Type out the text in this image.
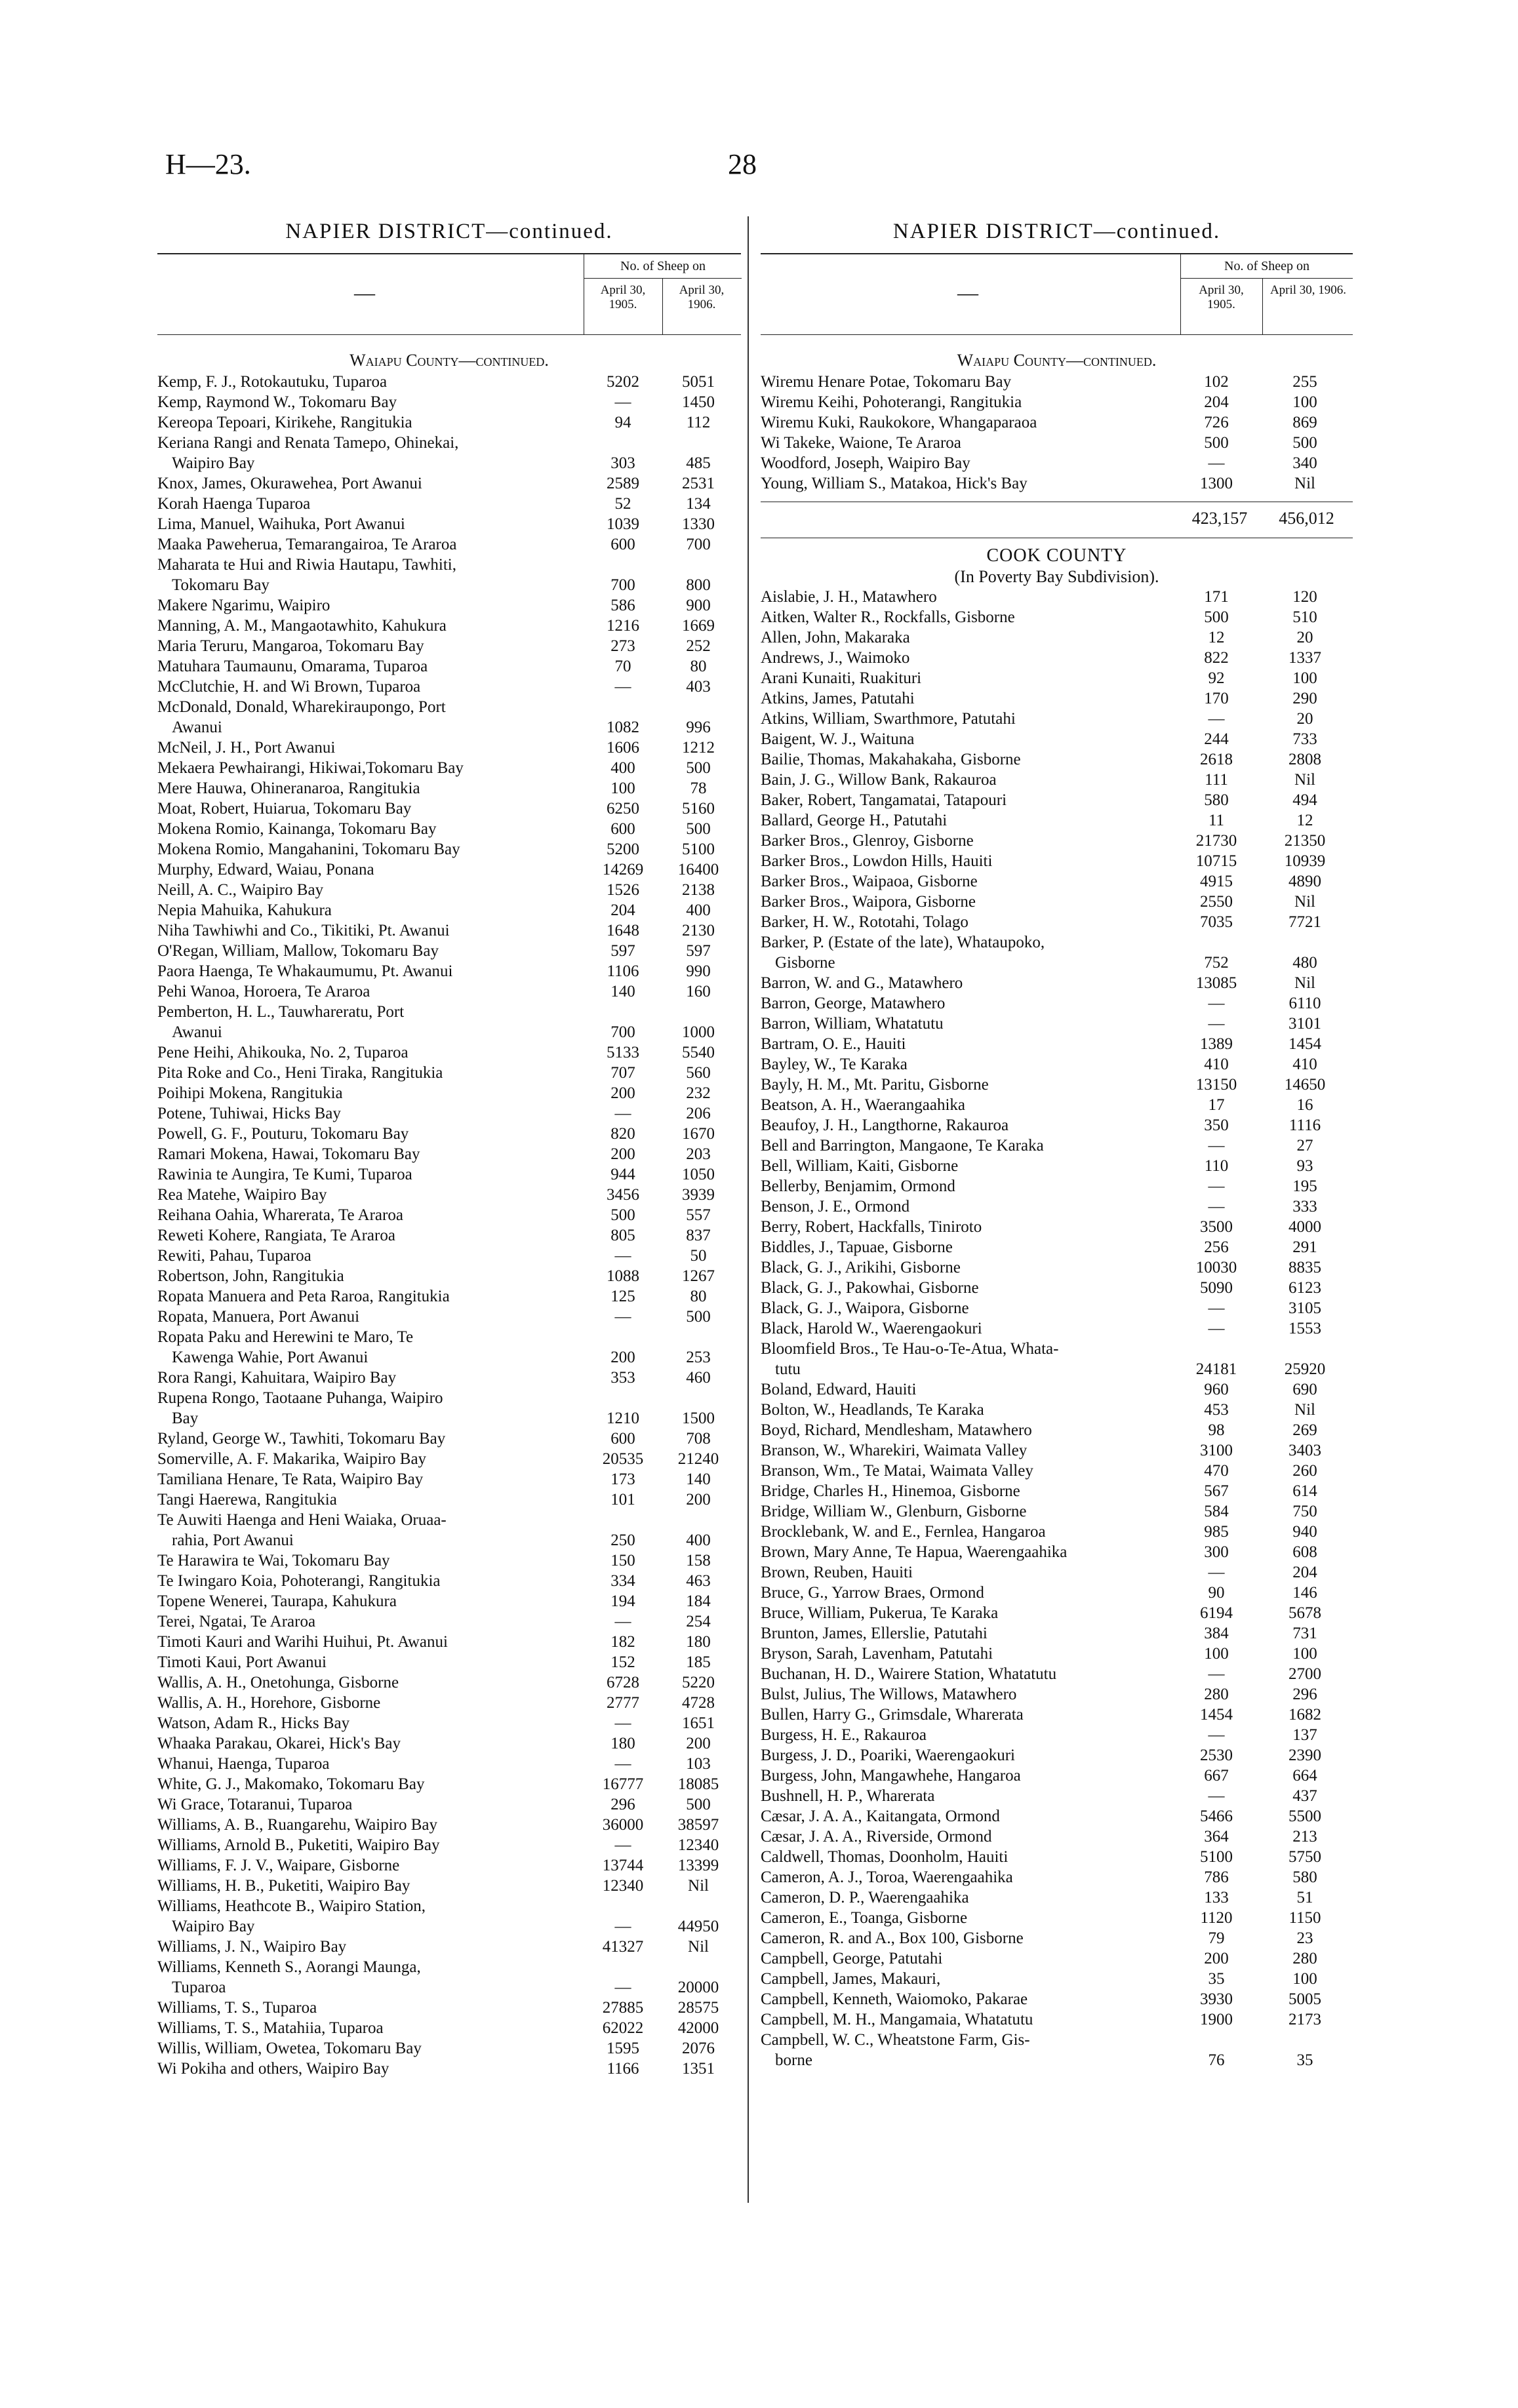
H—23.	28
NAPIER DISTRICT—continued.
—
No. of Sheep on
April 30, 1905.
April 30, 1906.
Waiapu County—continued.
Kemp, F. J., Rotokautuku, Tuparoa	5202	5051
Kemp, Raymond W., Tokomaru Bay	—	1450
Kereopa Tepoari, Kirikehe, Rangitukia	94	112
Keriana Rangi and Renata Tamepo, Ohinekai,
Waipiro Bay	303	485
Knox, James, Okurawehea, Port Awanui	2589	2531
Korah Haenga Tuparoa	52	134
Lima, Manuel, Waihuka, Port Awanui	1039	1330
Maaka Paweherua, Temarangairoa, Te Araroa	600	700
Maharata te Hui and Riwia Hautapu, Tawhiti,
Tokomaru Bay	700	800
Makere Ngarimu, Waipiro	586	900
Manning, A. M., Mangaotawhito, Kahukura	1216	1669
Maria Teruru, Mangaroa, Tokomaru Bay	273	252
Matuhara Taumaunu, Omarama, Tuparoa	70	80
McClutchie, H. and Wi Brown, Tuparoa	—	403
McDonald, Donald, Wharekiraupongo, Port
Awanui	1082	996
McNeil, J. H., Port Awanui	1606	1212
Mekaera Pewhairangi, Hikiwai,Tokomaru Bay	400	500
Mere Hauwa, Ohineranaroa, Rangitukia	100	78
Moat, Robert, Huiarua, Tokomaru Bay	6250	5160
Mokena Romio, Kainanga, Tokomaru Bay	600	500
Mokena Romio, Mangahanini, Tokomaru Bay	5200	5100
Murphy, Edward, Waiau, Ponana	14269	16400
Neill, A. C., Waipiro Bay	1526	2138
Nepia Mahuika, Kahukura	204	400
Niha Tawhiwhi and Co., Tikitiki, Pt. Awanui	1648	2130
O'Regan, William, Mallow, Tokomaru Bay	597	597
Paora Haenga, Te Whakaumumu, Pt. Awanui	1106	990
Pehi Wanoa, Horoera, Te Araroa	140	160
Pemberton, H. L., Tauwhareratu, Port
Awanui	700	1000
Pene Heihi, Ahikouka, No. 2, Tuparoa	5133	5540
Pita Roke and Co., Heni Tiraka, Rangitukia	707	560
Poihipi Mokena, Rangitukia	200	232
Potene, Tuhiwai, Hicks Bay	—	206
Powell, G. F., Pouturu, Tokomaru Bay	820	1670
Ramari Mokena, Hawai, Tokomaru Bay	200	203
Rawinia te Aungira, Te Kumi, Tuparoa	944	1050
Rea Matehe, Waipiro Bay	3456	3939
Reihana Oahia, Wharerata, Te Araroa	500	557
Reweti Kohere, Rangiata, Te Araroa	805	837
Rewiti, Pahau, Tuparoa	—	50
Robertson, John, Rangitukia	1088	1267
Ropata Manuera and Peta Raroa, Rangitukia	125	80
Ropata, Manuera, Port Awanui	—	500
Ropata Paku and Herewini te Maro, Te
Kawenga Wahie, Port Awanui	200	253
Rora Rangi, Kahuitara, Waipiro Bay	353	460
Rupena Rongo, Taotaane Puhanga, Waipiro
Bay	1210	1500
Ryland, George W., Tawhiti, Tokomaru Bay	600	708
Somerville, A. F. Makarika, Waipiro Bay	20535	21240
Tamiliana Henare, Te Rata, Waipiro Bay	173	140
Tangi Haerewa, Rangitukia	101	200
Te Auwiti Haenga and Heni Waiaka, Oruaa-
rahia, Port Awanui	250	400
Te Harawira te Wai, Tokomaru Bay	150	158
Te Iwingaro Koia, Pohoterangi, Rangitukia	334	463
Topene Wenerei, Taurapa, Kahukura	194	184
Terei, Ngatai, Te Araroa	—	254
Timoti Kauri and Warihi Huihui, Pt. Awanui	182	180
Timoti Kaui, Port Awanui	152	185
Wallis, A. H., Onetohunga, Gisborne	6728	5220
Wallis, A. H., Horehore, Gisborne	2777	4728
Watson, Adam R., Hicks Bay	—	1651
Whaaka Parakau, Okarei, Hick's Bay	180	200
Whanui, Haenga, Tuparoa	—	103
White, G. J., Makomako, Tokomaru Bay	16777	18085
Wi Grace, Totaranui, Tuparoa	296	500
Williams, A. B., Ruangarehu, Waipiro Bay	36000	38597
Williams, Arnold B., Puketiti, Waipiro Bay	—	12340
Williams, F. J. V., Waipare, Gisborne	13744	13399
Williams, H. B., Puketiti, Waipiro Bay	12340	Nil
Williams, Heathcote B., Waipiro Station,
Waipiro Bay	—	44950
Williams, J. N., Waipiro Bay	41327	Nil
Williams, Kenneth S., Aorangi Maunga,
Tuparoa	—	20000
Williams, T. S., Tuparoa	27885	28575
Williams, T. S., Matahiia, Tuparoa	62022	42000
Willis, William, Owetea, Tokomaru Bay	1595	2076
Wi Pokiha and others, Waipiro Bay	1166	1351
NAPIER DISTRICT—continued.
—
No. of Sheep on
April 30, 1905.
April 30, 1906.
Waiapu County—continued.
Wiremu Henare Potae, Tokomaru Bay	102	255
Wiremu Keihi, Pohoterangi, Rangitukia	204	100
Wiremu Kuki, Raukokore, Whangaparaoa	726	869
Wi Takeke, Waione, Te Araroa	500	500
Woodford, Joseph, Waipiro Bay	—	340
Young, William S., Matakoa, Hick's Bay	1300	Nil
423,157	456,012
COOK COUNTY
(In Poverty Bay Subdivision).
Aislabie, J. H., Matawhero	171	120
Aitken, Walter R., Rockfalls, Gisborne	500	510
Allen, John, Makaraka	12	20
Andrews, J., Waimoko	822	1337
Arani Kunaiti, Ruakituri	92	100
Atkins, James, Patutahi	170	290
Atkins, William, Swarthmore, Patutahi	—	20
Baigent, W. J., Waituna	244	733
Bailie, Thomas, Makahakaha, Gisborne	2618	2808
Bain, J. G., Willow Bank, Rakauroa	111	Nil
Baker, Robert, Tangamatai, Tatapouri	580	494
Ballard, George H., Patutahi	11	12
Barker Bros., Glenroy, Gisborne	21730	21350
Barker Bros., Lowdon Hills, Hauiti	10715	10939
Barker Bros., Waipaoa, Gisborne	4915	4890
Barker Bros., Waipora, Gisborne	2550	Nil
Barker, H. W., Rototahi, Tolago	7035	7721
Barker, P. (Estate of the late), Whataupoko,
Gisborne	752	480
Barron, W. and G., Matawhero	13085	Nil
Barron, George, Matawhero	—	6110
Barron, William, Whatatutu	—	3101
Bartram, O. E., Hauiti	1389	1454
Bayley, W., Te Karaka	410	410
Bayly, H. M., Mt. Paritu, Gisborne	13150	14650
Beatson, A. H., Waerangaahika	17	16
Beaufoy, J. H., Langthorne, Rakauroa	350	1116
Bell and Barrington, Mangaone, Te Karaka	—	27
Bell, William, Kaiti, Gisborne	110	93
Bellerby, Benjamim, Ormond	—	195
Benson, J. E., Ormond	—	333
Berry, Robert, Hackfalls, Tiniroto	3500	4000
Biddles, J., Tapuae, Gisborne	256	291
Black, G. J., Arikihi, Gisborne	10030	8835
Black, G. J., Pakowhai, Gisborne	5090	6123
Black, G. J., Waipora, Gisborne	—	3105
Black, Harold W., Waerengaokuri	—	1553
Bloomfield Bros., Te Hau-o-Te-Atua, Whata-
tutu	24181	25920
Boland, Edward, Hauiti	960	690
Bolton, W., Headlands, Te Karaka	453	Nil
Boyd, Richard, Mendlesham, Matawhero	98	269
Branson, W., Wharekiri, Waimata Valley	3100	3403
Branson, Wm., Te Matai, Waimata Valley	470	260
Bridge, Charles H., Hinemoa, Gisborne	567	614
Bridge, William W., Glenburn, Gisborne	584	750
Brocklebank, W. and E., Fernlea, Hangaroa	985	940
Brown, Mary Anne, Te Hapua, Waerengaahika	300	608
Brown, Reuben, Hauiti	—	204
Bruce, G., Yarrow Braes, Ormond	90	146
Bruce, William, Pukerua, Te Karaka	6194	5678
Brunton, James, Ellerslie, Patutahi	384	731
Bryson, Sarah, Lavenham, Patutahi	100	100
Buchanan, H. D., Wairere Station, Whatatutu	—	2700
Bulst, Julius, The Willows, Matawhero	280	296
Bullen, Harry G., Grimsdale, Wharerata	1454	1682
Burgess, H. E., Rakauroa	—	137
Burgess, J. D., Poariki, Waerengaokuri	2530	2390
Burgess, John, Mangawhehe, Hangaroa	667	664
Bushnell, H. P., Wharerata	—	437
Cæsar, J. A. A., Kaitangata, Ormond	5466	5500
Cæsar, J. A. A., Riverside, Ormond	364	213
Caldwell, Thomas, Doonholm, Hauiti	5100	5750
Cameron, A. J., Toroa, Waerengaahika	786	580
Cameron, D. P., Waerengaahika	133	51
Cameron, E., Toanga, Gisborne	1120	1150
Cameron, R. and A., Box 100, Gisborne	79	23
Campbell, George, Patutahi	200	280
Campbell, James, Makauri,	35	100
Campbell, Kenneth, Waiomoko, Pakarae	3930	5005
Campbell, M. H., Mangamaia, Whatatutu	1900	2173
Campbell, W. C., Wheatstone Farm, Gis-
borne	76	35
